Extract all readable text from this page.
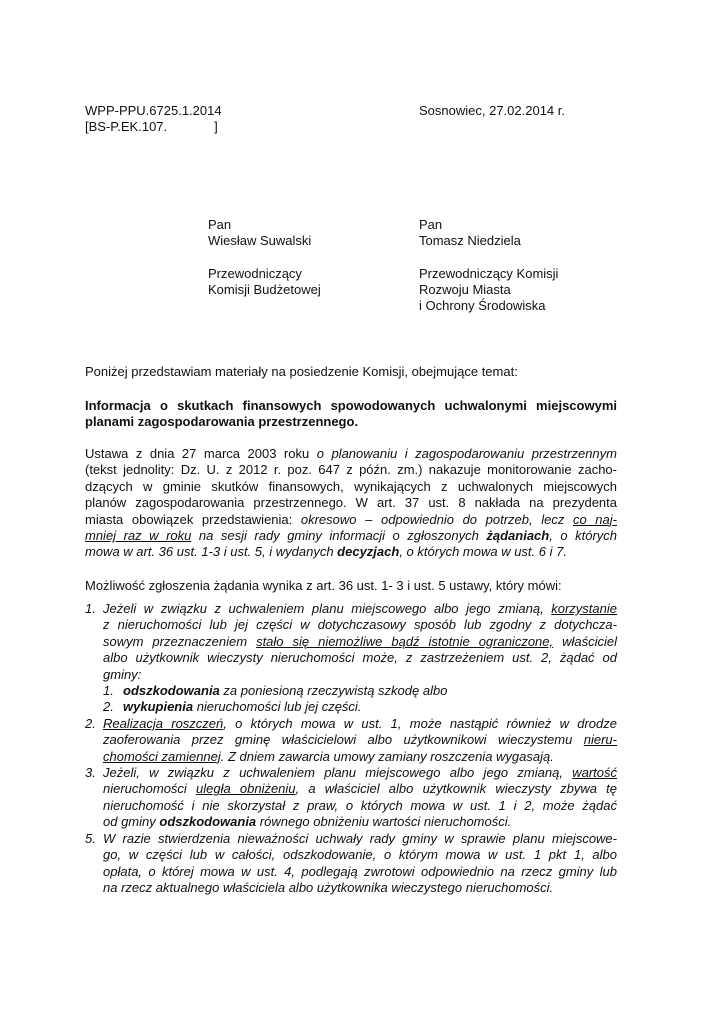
WPP-PPU.6725.1.2014
[BS-P.EK.107.             ]
Sosnowiec, 27.02.2014 r.
Pan
Wiesław Suwalski
Przewodniczący
Komisji Budżetowej
Pan
Tomasz Niedziela
Przewodniczący Komisji
Rozwoju Miasta
i Ochrony Środowiska
Poniżej przedstawiam materiały na posiedzenie Komisji, obejmujące temat:
Informacja o skutkach finansowych spowodowanych uchwalonymi miejscowymi
planami zagospodarowania przestrzennego.
Ustawa z dnia 27 marca 2003 roku o planowaniu i zagospodarowaniu przestrzennym
(tekst jednolity: Dz. U. z 2012 r. poz. 647 z późn. zm.) nakazuje monitorowanie zacho-
dzących w gminie skutków finansowych, wynikających z uchwalonych miejscowych
planów zagospodarowania przestrzennego. W art. 37 ust. 8 nakłada na prezydenta
miasta obowiązek przedstawienia: okresowo – odpowiednio do potrzeb, lecz co naj-
mniej raz w roku na sesji rady gminy informacji o zgłoszonych żądaniach, o których
mowa w art. 36 ust. 1-3 i ust. 5, i wydanych decyzjach, o których mowa w ust. 6 i 7.
Możliwość zgłoszenia żądania wynika z art. 36 ust. 1- 3 i ust. 5 ustawy, który mówi:
1. Jeżeli w związku z uchwaleniem planu miejscowego albo jego zmianą, korzystanie
z nieruchomości lub jej części w dotychczasowy sposób lub zgodny z dotychcza-
sowym przeznaczeniem stało się niemożliwe bądź istotnie ograniczone, właściciel
albo użytkownik wieczysty nieruchomości może, z zastrzeżeniem ust. 2, żądać od
gminy:
1. odszkodowania za poniesioną rzeczywistą szkodę albo
2. wykupienia nieruchomości lub jej części.
2. Realizacja roszczeń, o których mowa w ust. 1, może nastąpić również w drodze
zaoferowania przez gminę właścicielowi albo użytkownikowi wieczystemu nieru-
chomości zamiennej. Z dniem zawarcia umowy zamiany roszczenia wygasają.
3. Jeżeli, w związku z uchwaleniem planu miejscowego albo jego zmianą, wartość
nieruchomości uległa obniżeniu, a właściciel albo użytkownik wieczysty zbywa tę
nieruchomość i nie skorzystał z praw, o których mowa w ust. 1 i 2, może żądać
od gminy odszkodowania równego obniżeniu wartości nieruchomości.
5. W razie stwierdzenia nieważności uchwały rady gminy w sprawie planu miejscowe-
go, w części lub w całości, odszkodowanie, o którym mowa w ust. 1 pkt 1, albo
opłata, o której mowa w ust. 4, podlegają zwrotowi odpowiednio na rzecz gminy lub
na rzecz aktualnego właściciela albo użytkownika wieczystego nieruchomości.
